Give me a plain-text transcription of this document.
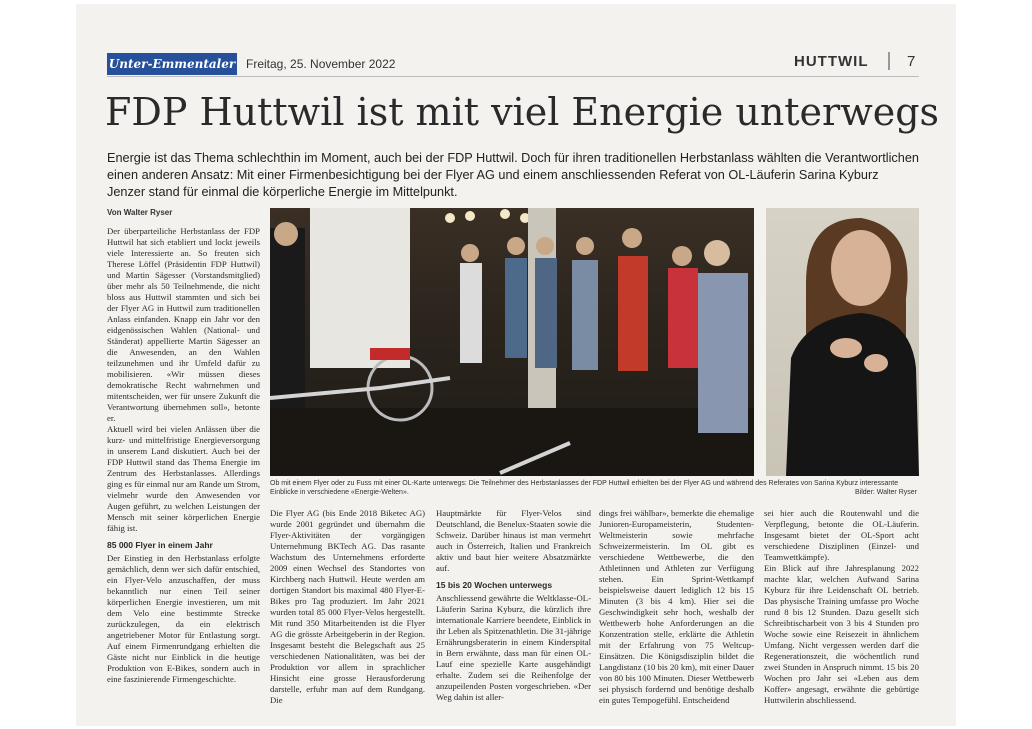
Unter-Emmentaler Freitag, 25. November 2022	HUTTWIL	7
FDP Huttwil ist mit viel Energie unterwegs
Energie ist das Thema schlechthin im Moment, auch bei der FDP Huttwil. Doch für ihren traditionellen Herbstanlass wählten die Verantwortlichen einen anderen Ansatz: Mit einer Firmenbesichtigung bei der Flyer AG und einem anschliessenden Referat von OL-Läuferin Sarina Kyburz Jenzer stand für einmal die körperliche Energie im Mittelpunkt.
Von Walter Ryser

Der überparteiliche Herbstanlass der FDP Huttwil hat sich etabliert und lockt jeweils viele Interessierte an. So freuten sich Therese Löffel (Präsidentin FDP Huttwil) und Martin Sägesser (Vorstandsmitglied) über mehr als 50 Teilnehmende, die nicht bloss aus Huttwil stammten und sich bei der Flyer AG in Huttwil zum traditionellen Anlass einfanden. Knapp ein Jahr vor den eidgenössischen Wahlen (National- und Ständerat) appellierte Martin Sägesser an die Anwesenden, an den Wahlen teilzunehmen und ihr Umfeld dafür zu mobilisieren. «Wir müssen dieses demokratische Recht wahrnehmen und mitentscheiden, wer für unsere Zukunft die Verantwortung übernehmen soll», betonte er.

Aktuell wird bei vielen Anlässen über die kurz- und mittelfristige Energieversorgung in unserem Land diskutiert. Auch bei der FDP Huttwil stand das Thema Energie im Zentrum des Herbstanlasses. Allerdings ging es für einmal nur am Rande um Strom, vielmehr wurde den Anwesenden vor Augen geführt, zu welchen Leistungen der Mensch mit seiner körperlichen Energie fähig ist.

85 000 Flyer in einem Jahr

Der Einstieg in den Herbstanlass erfolgte gemächlich, denn wer sich dafür entschied, ein Flyer-Velo anzuschaffen, der muss bekanntlich nur einen Teil seiner körperlichen Energie investieren, um mit dem Velo eine bestimmte Strecke zurückzulegen, da ein elektrisch angetriebener Motor für Entlastung sorgt. Auf einem Firmenrundgang erhielten die Gäste nicht nur Einblick in die heutige Produktion von E-Bikes, sondern auch in eine faszinierende Firmengeschichte.

Ob mit einem Flyer oder zu Fuss mit einer OL-Karte unterwegs: Die Teilnehmer des Herbstanlasses der FDP Huttwil erhielten bei der Flyer AG und während des Referates von Sarina Kyburz interessante Einblicke in verschiedene «Energie-Welten».	Bilder: Walter Ryser

Die Flyer AG (bis Ende 2018 Biketec AG) wurde 2001 gegründet und übernahm die Flyer-Aktivitäten der vorgängigen Unternehmung BKTech AG. Das rasante Wachstum des Unternehmens erforderte 2009 einen Wechsel des Standortes von Kirchberg nach Huttwil. Heute werden am dortigen Standort bis maximal 480 Flyer-E-Bikes pro Tag produziert. Im Jahr 2021 wurden total 85 000 Flyer-Velos hergestellt. Mit rund 350 Mitarbeitenden ist die Flyer AG die grösste Arbeitgeberin in der Region. Insgesamt besteht die Belegschaft aus 25 verschiedenen Nationalitäten, was bei der Produktion vor allem in sprachlicher Hinsicht eine grosse Herausforderung darstelle, erfuhr man auf dem Rundgang. Die

Hauptmärkte für Flyer-Velos sind Deutschland, die Benelux-Staaten sowie die Schweiz. Darüber hinaus ist man vermehrt auch in Österreich, Italien und Frankreich aktiv und baut hier weitere Absatzmärkte auf.

15 bis 20 Wochen unterwegs

Anschliessend gewährte die Weltklasse-OL-Läuferin Sarina Kyburz, die kürzlich ihre internationale Karriere beendete, Einblick in ihr Leben als Spitzenathletin. Die 31-jährige Ernährungsberaterin in einem Kinderspital in Bern erwähnte, dass man für einen OL-Lauf eine spezielle Karte ausgehändigt erhalte. Zudem sei die Reihenfolge der anzupeilenden Posten vorgeschrieben. «Der Weg dahin ist aller-

dings frei wählbar», bemerkte die ehemalige Junioren-Europameisterin, Studenten-Weltmeisterin sowie mehrfache Schweizermeisterin. Im OL gibt es verschiedene Wettbewerbe, die den Athletinnen und Athleten zur Verfügung stehen. Ein Sprint-Wettkampf beispielsweise dauert lediglich 12 bis 15 Minuten (3 bis 4 km). Hier sei die Geschwindigkeit sehr hoch, weshalb der Wettbewerb hohe Anforderungen an die Konzentration stelle, erklärte die Athletin mit der Erfahrung von 75 Weltcup-Einsätzen. Die Königsdisziplin bildet die Langdistanz (10 bis 20 km), mit einer Dauer von 80 bis 100 Minuten. Dieser Wettbewerb sei physisch fordernd und benötige deshalb ein gutes Tempogefühl. Entscheidend

sei hier auch die Routenwahl und die Verpflegung, betonte die OL-Läuferin. Insgesamt bietet der OL-Sport acht verschiedene Disziplinen (Einzel- und Teamwettkämpfe).

Ein Blick auf ihre Jahresplanung 2022 machte klar, welchen Aufwand Sarina Kyburz für ihre Leidenschaft OL betrieb. Das physische Training umfasse pro Woche rund 8 bis 12 Stunden. Dazu gesellt sich Schreibtischarbeit von 3 bis 4 Stunden pro Woche sowie eine Reisezeit in ähnlichem Umfang. Nicht vergessen werden darf die Regenerationszeit, die wöchentlich rund zwei Stunden in Anspruch nimmt. 15 bis 20 Wochen pro Jahr sei «Leben aus dem Koffer» angesagt, erwähnte die gebürtige Huttwilerin abschliessend.
